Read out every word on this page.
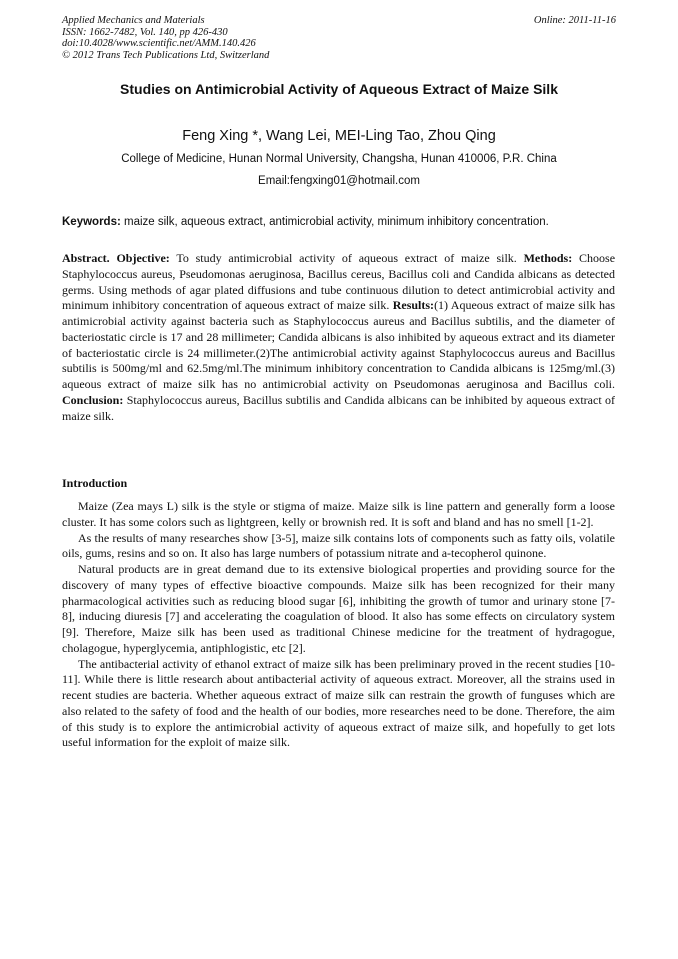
Applied Mechanics and Materials
ISSN: 1662-7482, Vol. 140, pp 426-430
doi:10.4028/www.scientific.net/AMM.140.426
© 2012 Trans Tech Publications Ltd, Switzerland
Online: 2011-11-16
Studies on Antimicrobial Activity of Aqueous Extract of Maize Silk
Feng Xing *, Wang Lei, MEI-Ling Tao, Zhou Qing
College of Medicine, Hunan Normal University, Changsha, Hunan 410006, P.R. China
Email:fengxing01@hotmail.com
Keywords: maize silk, aqueous extract, antimicrobial activity, minimum inhibitory concentration.

Abstract. Objective: To study antimicrobial activity of aqueous extract of maize silk. Methods: Choose Staphylococcus aureus, Pseudomonas aeruginosa, Bacillus cereus, Bacillus coli and Candida albicans as detected germs. Using methods of agar plated diffusions and tube continuous dilution to detect antimicrobial activity and minimum inhibitory concentration of aqueous extract of maize silk. Results:(1) Aqueous extract of maize silk has antimicrobial activity against bacteria such as Staphylococcus aureus and Bacillus subtilis, and the diameter of bacteriostatic circle is 17 and 28 millimeter; Candida albicans is also inhibited by aqueous extract and its diameter of bacteriostatic circle is 24 millimeter.(2)The antimicrobial activity against Staphylococcus aureus and Bacillus subtilis is 500mg/ml and 62.5mg/ml.The minimum inhibitory concentration to Candida albicans is 125mg/ml.(3) aqueous extract of maize silk has no antimicrobial activity on Pseudomonas aeruginosa and Bacillus coli. Conclusion: Staphylococcus aureus, Bacillus subtilis and Candida albicans can be inhibited by aqueous extract of maize silk.

Introduction

Maize (Zea mays L) silk is the style or stigma of maize. Maize silk is line pattern and generally form a loose cluster. It has some colors such as lightgreen, kelly or brownish red. It is soft and bland and has no smell [1-2].

As the results of many researches show [3-5], maize silk contains lots of components such as fatty oils, volatile oils, gums, resins and so on. It also has large numbers of potassium nitrate and a-tecopherol quinone.

Natural products are in great demand due to its extensive biological properties and providing source for the discovery of many types of effective bioactive compounds. Maize silk has been recognized for their many pharmacological activities such as reducing blood sugar [6], inhibiting the growth of tumor and urinary stone [7-8], inducing diuresis [7] and accelerating the coagulation of blood. It also has some effects on circulatory system [9]. Therefore, Maize silk has been used as traditional Chinese medicine for the treatment of hydragogue, cholagogue, hyperglycemia, antiphlogistic, etc [2].

The antibacterial activity of ethanol extract of maize silk has been preliminary proved in the recent studies [10-11]. While there is little research about antibacterial activity of aqueous extract. Moreover, all the strains used in recent studies are bacteria. Whether aqueous extract of maize silk can restrain the growth of funguses which are also related to the safety of food and the health of our bodies, more researches need to be done. Therefore, the aim of this study is to explore the antimicrobial activity of aqueous extract of maize silk, and hopefully to get lots useful information for the exploit of maize silk.
